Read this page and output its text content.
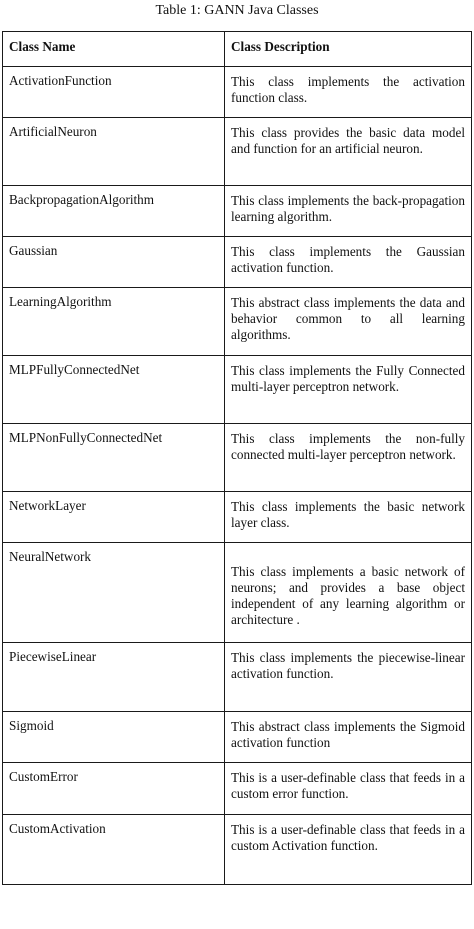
Table 1: GANN Java Classes
Class Name	Class Description
ActivationFunction	This class implements the activation function class.
ArtificialNeuron	This class provides the basic data model and function for an artificial neuron.
BackpropagationAlgorithm	This class implements the back-propagation learning algorithm.
Gaussian	This class implements the Gaussian activation function.
LearningAlgorithm	This abstract class implements the data and behavior common to all learning algorithms.
MLPFullyConnectedNet	This class implements the Fully Connected multi-layer perceptron network.
MLPNonFullyConnectedNet	This class implements the non-fully connected multi-layer perceptron network.
NetworkLayer	This class implements the basic network layer class.
NeuralNetwork	This class implements a basic network of neurons; and provides a base object independent of any learning algorithm or architecture .
PiecewiseLinear	This class implements the piecewise-linear activation function.
Sigmoid	This abstract class implements the Sigmoid activation function
CustomError	This is a user-definable class that feeds in a custom error function.
CustomActivation	This is a user-definable class that feeds in a custom Activation function.
